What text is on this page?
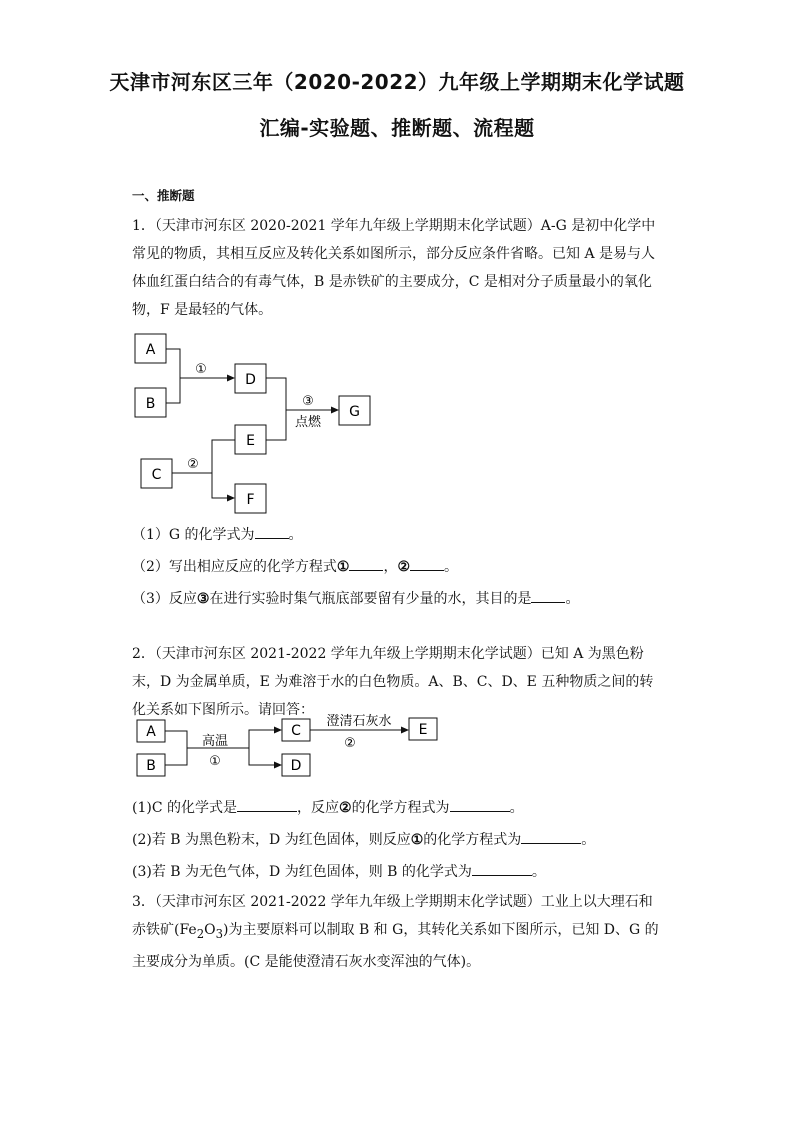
天津市河东区三年（2020-2022）九年级上学期期末化学试题
汇编-实验题、推断题、流程题
一、推断题
1．（天津市河东区 2020-2021 学年九年级上学期期末化学试题）A-G 是初中化学中常见的物质，其相互反应及转化关系如图所示，部分反应条件省略。已知 A 是易与人体血红蛋白结合的有毒气体，B 是赤铁矿的主要成分，C 是相对分子质量最小的氧化物，F 是最轻的气体。
A
B
D
G
E
C
F
①
③
点燃
②
（1）G 的化学式为 。
（2）写出相应反应的化学方程式① ，② 。
（3）反应③在进行实验时集气瓶底部要留有少量的水，其目的是 。
2．（天津市河东区 2021-2022 学年九年级上学期期末化学试题）已知 A 为黑色粉末，D 为金属单质，E 为难溶于水的白色物质。A、B、C、D、E 五种物质之间的转化关系如下图所示。请回答：
A
B
C
D
E
高温
①
澄清石灰水
②
(1)C 的化学式是	，反应②的化学方程式为	。
(2)若 B 为黑色粉末，D 为红色固体，则反应①的化学方程式为	。
(3)若 B 为无色气体，D 为红色固体，则 B 的化学式为	。
3．（天津市河东区 2021-2022 学年九年级上学期期末化学试题）工业上以大理石和赤铁矿$(Fe_2O_3)$为主要原料可以制取 B 和 G，其转化关系如下图所示，已知 D、G 的主要成分为单质。(C 是能使澄清石灰水变浑浊的气体)。
